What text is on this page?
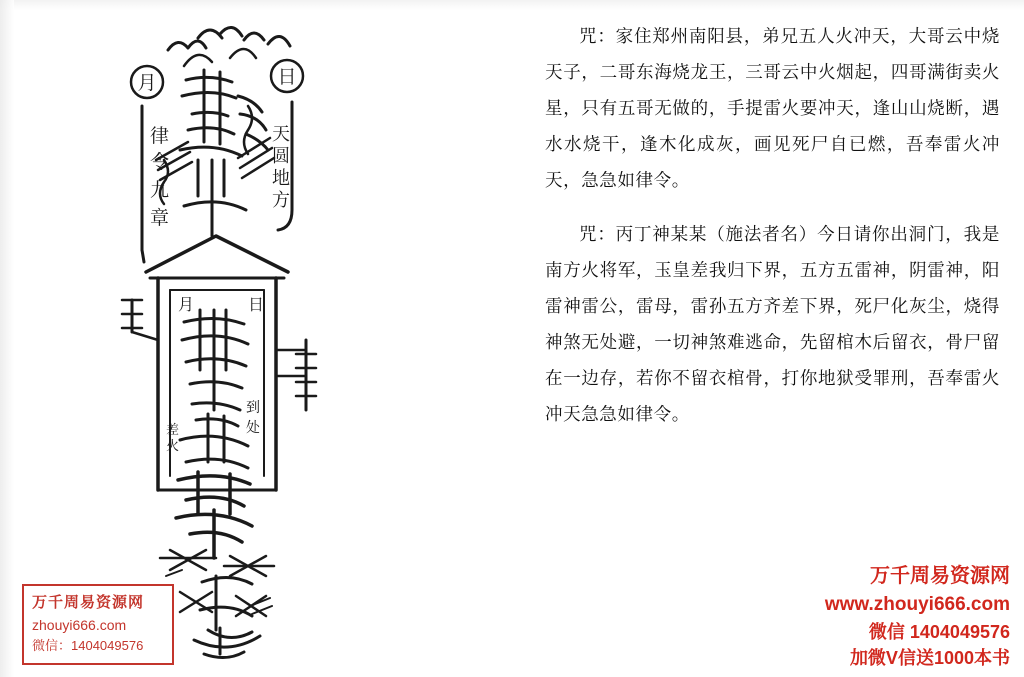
月	日
律
令
九
章
天
圆
地
方
月	日
到
处
差
火
万千周易资源网
zhouyi666.com
微信：1404049576

咒：家住郑州南阳县，弟兄五人火冲天，大哥云中烧天子，二哥东海烧龙王，三哥云中火烟起，四哥满街卖火星，只有五哥无做的，手提雷火要冲天，逢山山烧断，遇水水烧干，逢木化成灰，画见死尸自已燃，吾奉雷火冲天，急急如律令。

咒：丙丁神某某（施法者名）今日请你出洞门，我是南方火将军，玉皇差我归下界，五方五雷神，阴雷神，阳雷神雷公，雷母，雷孙五方齐差下界，死尸化灰尘，烧得神煞无处避，一切神煞难逃命，先留棺木后留衣，骨尸留在一边存，若你不留衣棺骨，打你地狱受罪刑，吾奉雷火冲天急急如律令。

万千周易资源网
www.zhouyi666.com
微信 1404049576
加微V信送1000本书
